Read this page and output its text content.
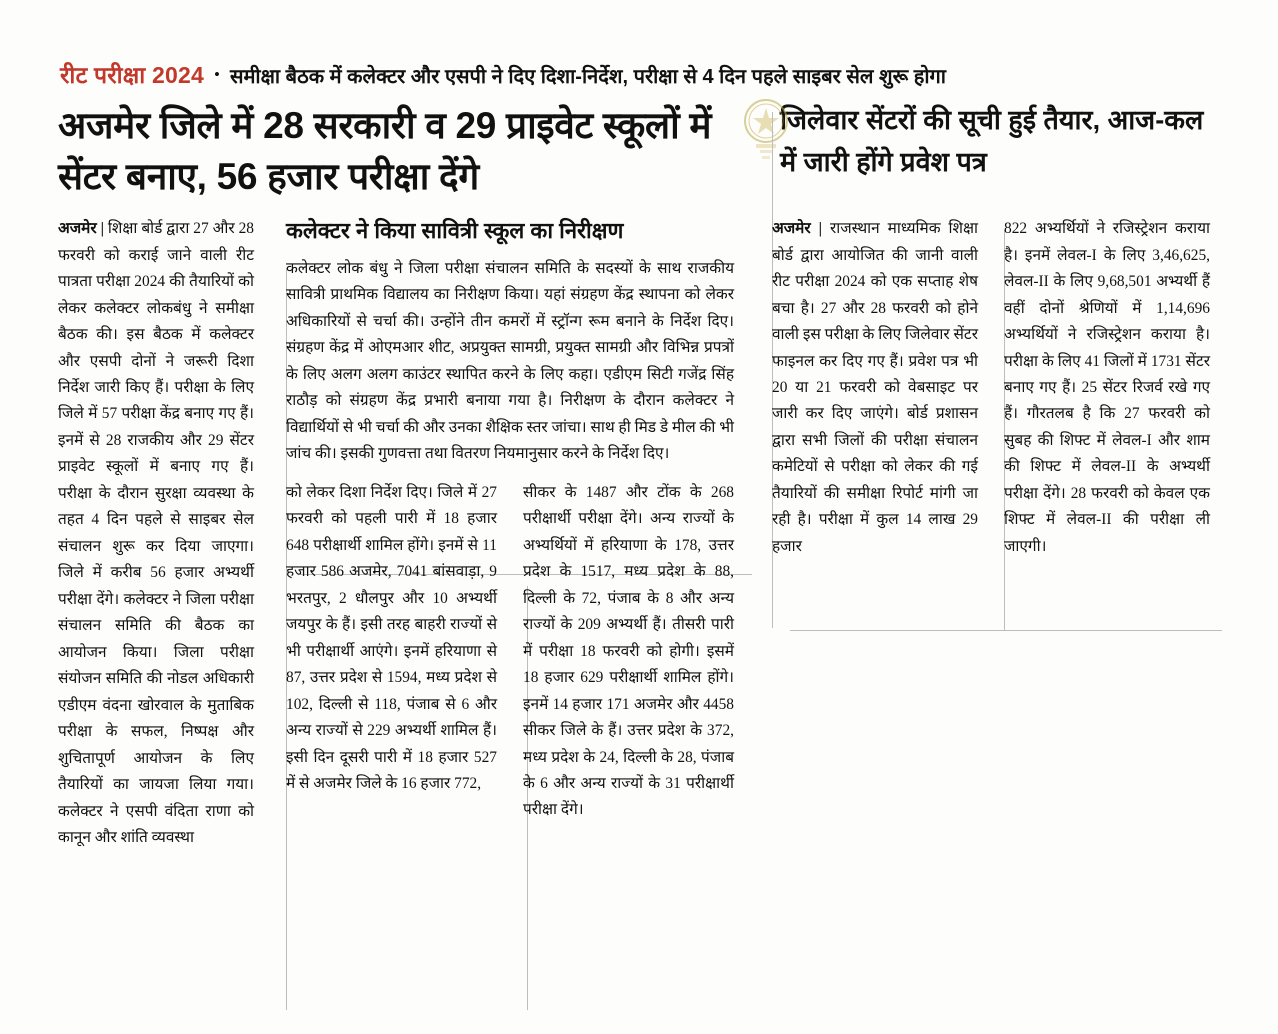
रीट परीक्षा 2024 • समीक्षा बैठक में कलेक्टर और एसपी ने दिए दिशा-निर्देश, परीक्षा से 4 दिन पहले साइबर सेल शुरू होगा
अजमेर जिले में 28 सरकारी व 29 प्राइवेट स्कूलों में सेंटर बनाए, 56 हजार परीक्षा देंगे
जिलेवार सेंटरों की सूची हुई तैयार, आज-कल में जारी होंगे प्रवेश पत्र

अजमेर | शिक्षा बोर्ड द्वारा 27 और 28 फरवरी को कराई जाने वाली रीट पात्रता परीक्षा 2024 की तैयारियों को लेकर कलेक्टर लोकबंधु ने समीक्षा बैठक की। इस बैठक में कलेक्टर और एसपी दोनों ने जरूरी दिशा निर्देश जारी किए हैं। परीक्षा के लिए जिले में 57 परीक्षा केंद्र बनाए गए हैं। इनमें से 28 राजकीय और 29 सेंटर प्राइवेट स्कूलों में बनाए गए हैं। परीक्षा के दौरान सुरक्षा व्यवस्था के तहत 4 दिन पहले से साइबर सेल संचालन शुरू कर दिया जाएगा। जिले में करीब 56 हजार अभ्यर्थी परीक्षा देंगे। कलेक्टर ने जिला परीक्षा संचालन समिति की बैठक का आयोजन किया। जिला परीक्षा संयोजन समिति की नोडल अधिकारी एडीएम वंदना खोरवाल के मुताबिक परीक्षा के सफल, निष्पक्ष और शुचितापूर्ण आयोजन के लिए तैयारियों का जायजा लिया गया। कलेक्टर ने एसपी वंदिता राणा को कानून और शांति व्यवस्था

कलेक्टर ने किया सावित्री स्कूल का निरीक्षण

कलेक्टर लोक बंधु ने जिला परीक्षा संचालन समिति के सदस्यों के साथ राजकीय सावित्री प्राथमिक विद्यालय का निरीक्षण किया। यहां संग्रहण केंद्र स्थापना को लेकर अधिकारियों से चर्चा की। उन्होंने तीन कमरों में स्ट्रॉन्ग रूम बनाने के निर्देश दिए। संग्रहण केंद्र में ओएमआर शीट, अप्रयुक्त सामग्री, प्रयुक्त सामग्री और विभिन्न प्रपत्रों के लिए अलग अलग काउंटर स्थापित करने के लिए कहा। एडीएम सिटी गजेंद्र सिंह राठौड़ को संग्रहण केंद्र प्रभारी बनाया गया है। निरीक्षण के दौरान कलेक्टर ने विद्यार्थियों से भी चर्चा की और उनका शैक्षिक स्तर जांचा। साथ ही मिड डे मील की भी जांच की। इसकी गुणवत्ता तथा वितरण नियमानुसार करने के निर्देश दिए।

को लेकर दिशा निर्देश दिए। जिले में 27 फरवरी को पहली पारी में 18 हजार 648 परीक्षार्थी शामिल होंगे। इनमें से 11 हजार 586 अजमेर, 7041 बांसवाड़ा, 9 भरतपुर, 2 धौलपुर और 10 अभ्यर्थी जयपुर के हैं। इसी तरह बाहरी राज्यों से भी परीक्षार्थी आएंगे। इनमें हरियाणा से 87, उत्तर प्रदेश से 1594, मध्य प्रदेश से 102, दिल्ली से 118, पंजाब से 6 और अन्य राज्यों से 229 अभ्यर्थी शामिल हैं। इसी दिन दूसरी पारी में 18 हजार 527 में से अजमेर जिले के 16 हजार 772,

सीकर के 1487 और टोंक के 268 परीक्षार्थी परीक्षा देंगे। अन्य राज्यों के अभ्यर्थियों में हरियाणा के 178, उत्तर प्रदेश के 1517, मध्य प्रदेश के 88, दिल्ली के 72, पंजाब के 8 और अन्य राज्यों के 209 अभ्यर्थी हैं। तीसरी पारी में परीक्षा 18 फरवरी को होगी। इसमें 18 हजार 629 परीक्षार्थी शामिल होंगे। इनमें 14 हजार 171 अजमेर और 4458 सीकर जिले के हैं। उत्तर प्रदेश के 372, मध्य प्रदेश के 24, दिल्ली के 28, पंजाब के 6 और अन्य राज्यों के 31 परीक्षार्थी परीक्षा देंगे।

अजमेर | राजस्थान माध्यमिक शिक्षा बोर्ड द्वारा आयोजित की जानी वाली रीट परीक्षा 2024 को एक सप्ताह शेष बचा है। 27 और 28 फरवरी को होने वाली इस परीक्षा के लिए जिलेवार सेंटर फाइनल कर दिए गए हैं। प्रवेश पत्र भी 20 या 21 फरवरी को वेबसाइट पर जारी कर दिए जाएंगे। बोर्ड प्रशासन द्वारा सभी जिलों की परीक्षा संचालन कमेटियों से परीक्षा को लेकर की गई तैयारियों की समीक्षा रिपोर्ट मांगी जा रही है। परीक्षा में कुल 14 लाख 29 हजार

822 अभ्यर्थियों ने रजिस्ट्रेशन कराया है। इनमें लेवल-I के लिए 3,46,625, लेवल-II के लिए 9,68,501 अभ्यर्थी हैं वहीं दोनों श्रेणियों में 1,14,696 अभ्यर्थियों ने रजिस्ट्रेशन कराया है। परीक्षा के लिए 41 जिलों में 1731 सेंटर बनाए गए हैं। 25 सेंटर रिजर्व रखे गए हैं। गौरतलब है कि 27 फरवरी को सुबह की शिफ्ट में लेवल-I और शाम की शिफ्ट में लेवल-II के अभ्यर्थी परीक्षा देंगे। 28 फरवरी को केवल एक शिफ्ट में लेवल-II की परीक्षा ली जाएगी।
